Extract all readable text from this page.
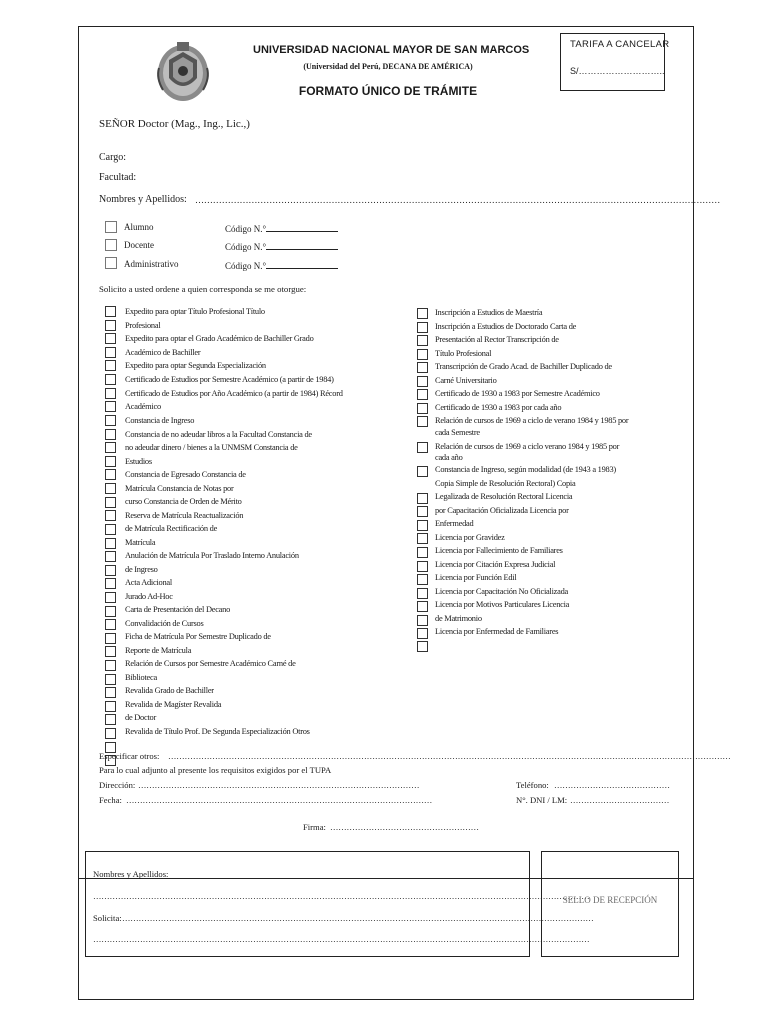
UNIVERSIDAD NACIONAL MAYOR DE SAN MARCOS
(Universidad del Perú, DECANA DE AMÉRICA)
FORMATO ÚNICO DE TRÁMITE
TARIFA A CANCELAR
S/………………………..
SEÑOR Doctor (Mag., Ing., Lic.,)
Cargo:
Facultad:
Nombres y Apellidos: ……………………………………………………………………………………………………………………………………………………………
Alumno	Código N.°
Docente	Código N.°
Administrativo	Código N.°
Solicito a usted ordene a quien corresponda se me otorgue:
Expedito para optar Título Profesional Título
Profesional
Expedito para optar el Grado Académico de Bachiller Grado
Académico de Bachiller
Expedito para optar Segunda Especialización
Certificado de Estudios por Semestre Académico (a partir de 1984)
Certificado de Estudios por Año Académico (a partir de 1984) Récord
Académico
Constancia de Ingreso
Constancia de no adeudar libros a la Facultad Constancia de
no adeudar dinero / bienes a la UNMSM Constancia de
Estudios
Constancia de Egresado Constancia de
Matrícula Constancia de Notas por
curso Constancia de Orden de Mérito
Reserva de Matrícula Reactualización
de Matrícula Rectificación de
Matrícula
Anulación de Matrícula Por Traslado Interno Anulación
de Ingreso
Acta Adicional
Jurado Ad-Hoc
Carta de Presentación del Decano
Convalidación de Cursos
Ficha de Matrícula Por Semestre Duplicado de
Reporte de Matrícula
Relación de Cursos por Semestre Académico Carné de
Biblioteca
Revalida Grado de Bachiller
Revalida de Magíster Revalida
de Doctor
Revalida de Título Prof. De Segunda Especialización Otros
Inscripción a Estudios de Maestría
Inscripción a Estudios de Doctorado Carta de
Presentación al Rector Transcripción de
Título Profesional
Transcripción de Grado Acad. de Bachiller Duplicado de
Carné Universitario
Certificado de 1930 a 1983 por Semestre Académico
Certificado de 1930 a 1983 por cada año
Relación de cursos de 1969 a ciclo de verano 1984 y 1985 por
cada Semestre
Relación de cursos de 1969 a ciclo verano 1984 y 1985 por
cada año
Constancia de Ingreso, según modalidad (de 1943 a 1983)
Copia Simple de Resolución Rectoral) Copia
Legalizada de Resolución Rectoral Licencia
por Capacitación Oficializada Licencia por
Enfermedad
Licencia por Gravidez
Licencia por Fallecimiento de Familiares
Licencia por Citación Expresa Judicial
Licencia por Función Edil
Licencia por Capacitación No Oficializada
Licencia por Motivos Particulares Licencia
de Matrimonio
Licencia por Enfermedad de Familiares
Especificar otros: ……………………………………………………………………………………………………………………………………………………………………………………
Para lo cual adjunto al presente los requisitos exigidos por el TUPA
Dirección: …………………………………………………………………………………………	Teléfono: ……………………………………
Fecha: …………………………………………………………………………………………………	N°. DNI / LM: ………………………………
Firma: ………………………………………………
Nombres y Apellidos:
………………………………………………………………………………………………………………………………………………………………
Solicita: ………………………………………………………………………………………………………………………………………………………
………………………………………………………………………………………………………………………………………………………………
SELLO DE RECEPCIÓN
